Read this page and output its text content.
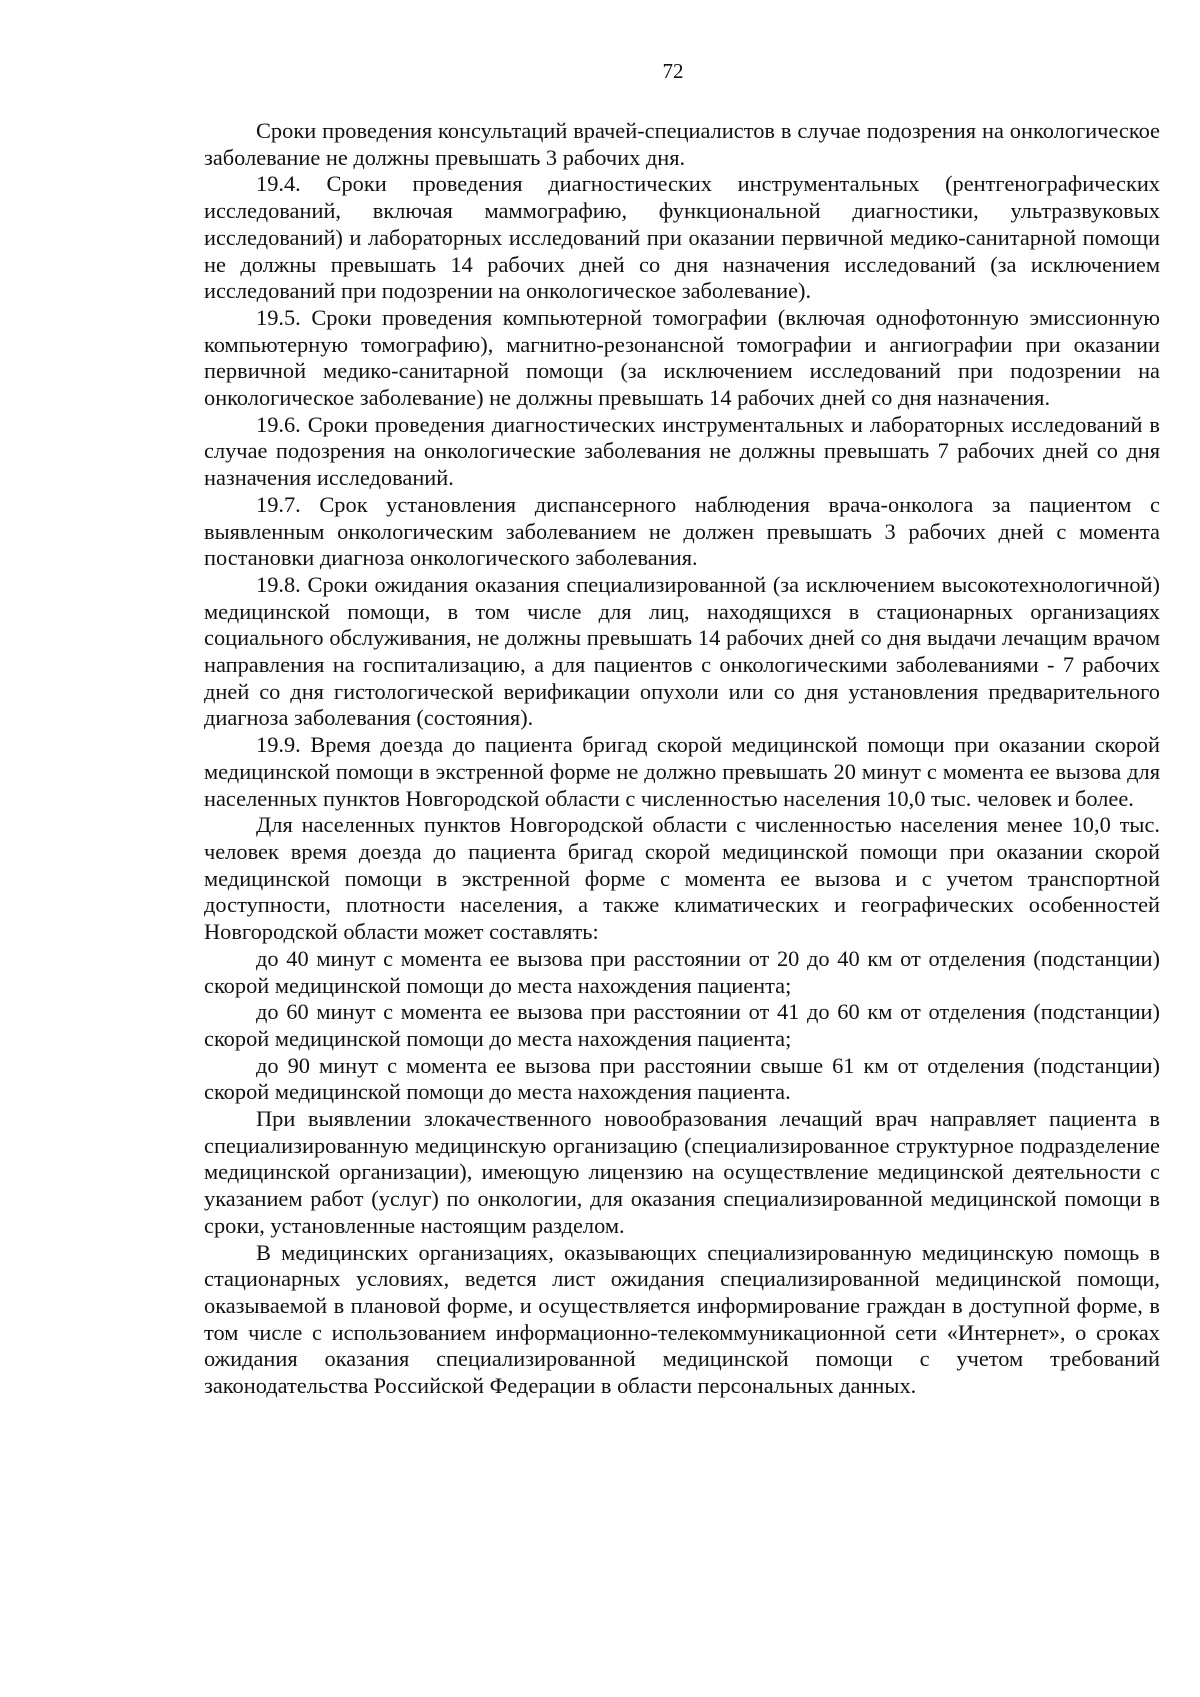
72

Сроки проведения консультаций врачей-специалистов в случае подозрения на онкологическое заболевание не должны превышать 3 рабочих дня.

19.4. Сроки проведения диагностических инструментальных (рентгенографических исследований, включая маммографию, функциональной диагностики, ультразвуковых исследований) и лабораторных исследований при оказании первичной медико-санитарной помощи не должны превышать 14 рабочих дней со дня назначения исследований (за исключением исследований при подозрении на онкологическое заболевание).

19.5. Сроки проведения компьютерной томографии (включая однофотонную эмиссионную компьютерную томографию), магнитно-резонансной томографии и ангиографии при оказании первичной медико-санитарной помощи (за исключением исследований при подозрении на онкологическое заболевание) не должны превышать 14 рабочих дней со дня назначения.

19.6. Сроки проведения диагностических инструментальных и лабораторных исследований в случае подозрения на онкологические заболевания не должны превышать 7 рабочих дней со дня назначения исследований.

19.7. Срок установления диспансерного наблюдения врача-онколога за пациентом с выявленным онкологическим заболеванием не должен превышать 3 рабочих дней с момента постановки диагноза онкологического заболевания.

19.8. Сроки ожидания оказания специализированной (за исключением высокотехнологичной) медицинской помощи, в том числе для лиц, находящихся в стационарных организациях социального обслуживания, не должны превышать 14 рабочих дней со дня выдачи лечащим врачом направления на госпитализацию, а для пациентов с онкологическими заболеваниями - 7 рабочих дней со дня гистологической верификации опухоли или со дня установления предварительного диагноза заболевания (состояния).

19.9. Время доезда до пациента бригад скорой медицинской помощи при оказании скорой медицинской помощи в экстренной форме не должно превышать 20 минут с момента ее вызова для населенных пунктов Новгородской области с численностью населения 10,0 тыс. человек и более.

Для населенных пунктов Новгородской области с численностью населения менее 10,0 тыс. человек время доезда до пациента бригад скорой медицинской помощи при оказании скорой медицинской помощи в экстренной форме с момента ее вызова и с учетом транспортной доступности, плотности населения, а также климатических и географических особенностей Новгородской области может составлять:

до 40 минут с момента ее вызова при расстоянии от 20 до 40 км от отделения (подстанции) скорой медицинской помощи до места нахождения пациента;

до 60 минут с момента ее вызова при расстоянии от 41 до 60 км от отделения (подстанции) скорой медицинской помощи до места нахождения пациента;

до 90 минут с момента ее вызова при расстоянии свыше 61 км от отделения (подстанции) скорой медицинской помощи до места нахождения пациента.

При выявлении злокачественного новообразования лечащий врач направляет пациента в специализированную медицинскую организацию (специализированное структурное подразделение медицинской организации), имеющую лицензию на осуществление медицинской деятельности с указанием работ (услуг) по онкологии, для оказания специализированной медицинской помощи в сроки, установленные настоящим разделом.

В медицинских организациях, оказывающих специализированную медицинскую помощь в стационарных условиях, ведется лист ожидания специализированной медицинской помощи, оказываемой в плановой форме, и осуществляется информирование граждан в доступной форме, в том числе с использованием информационно-телекоммуникационной сети «Интернет», о сроках ожидания оказания специализированной медицинской помощи с учетом требований законодательства Российской Федерации в области персональных данных.
